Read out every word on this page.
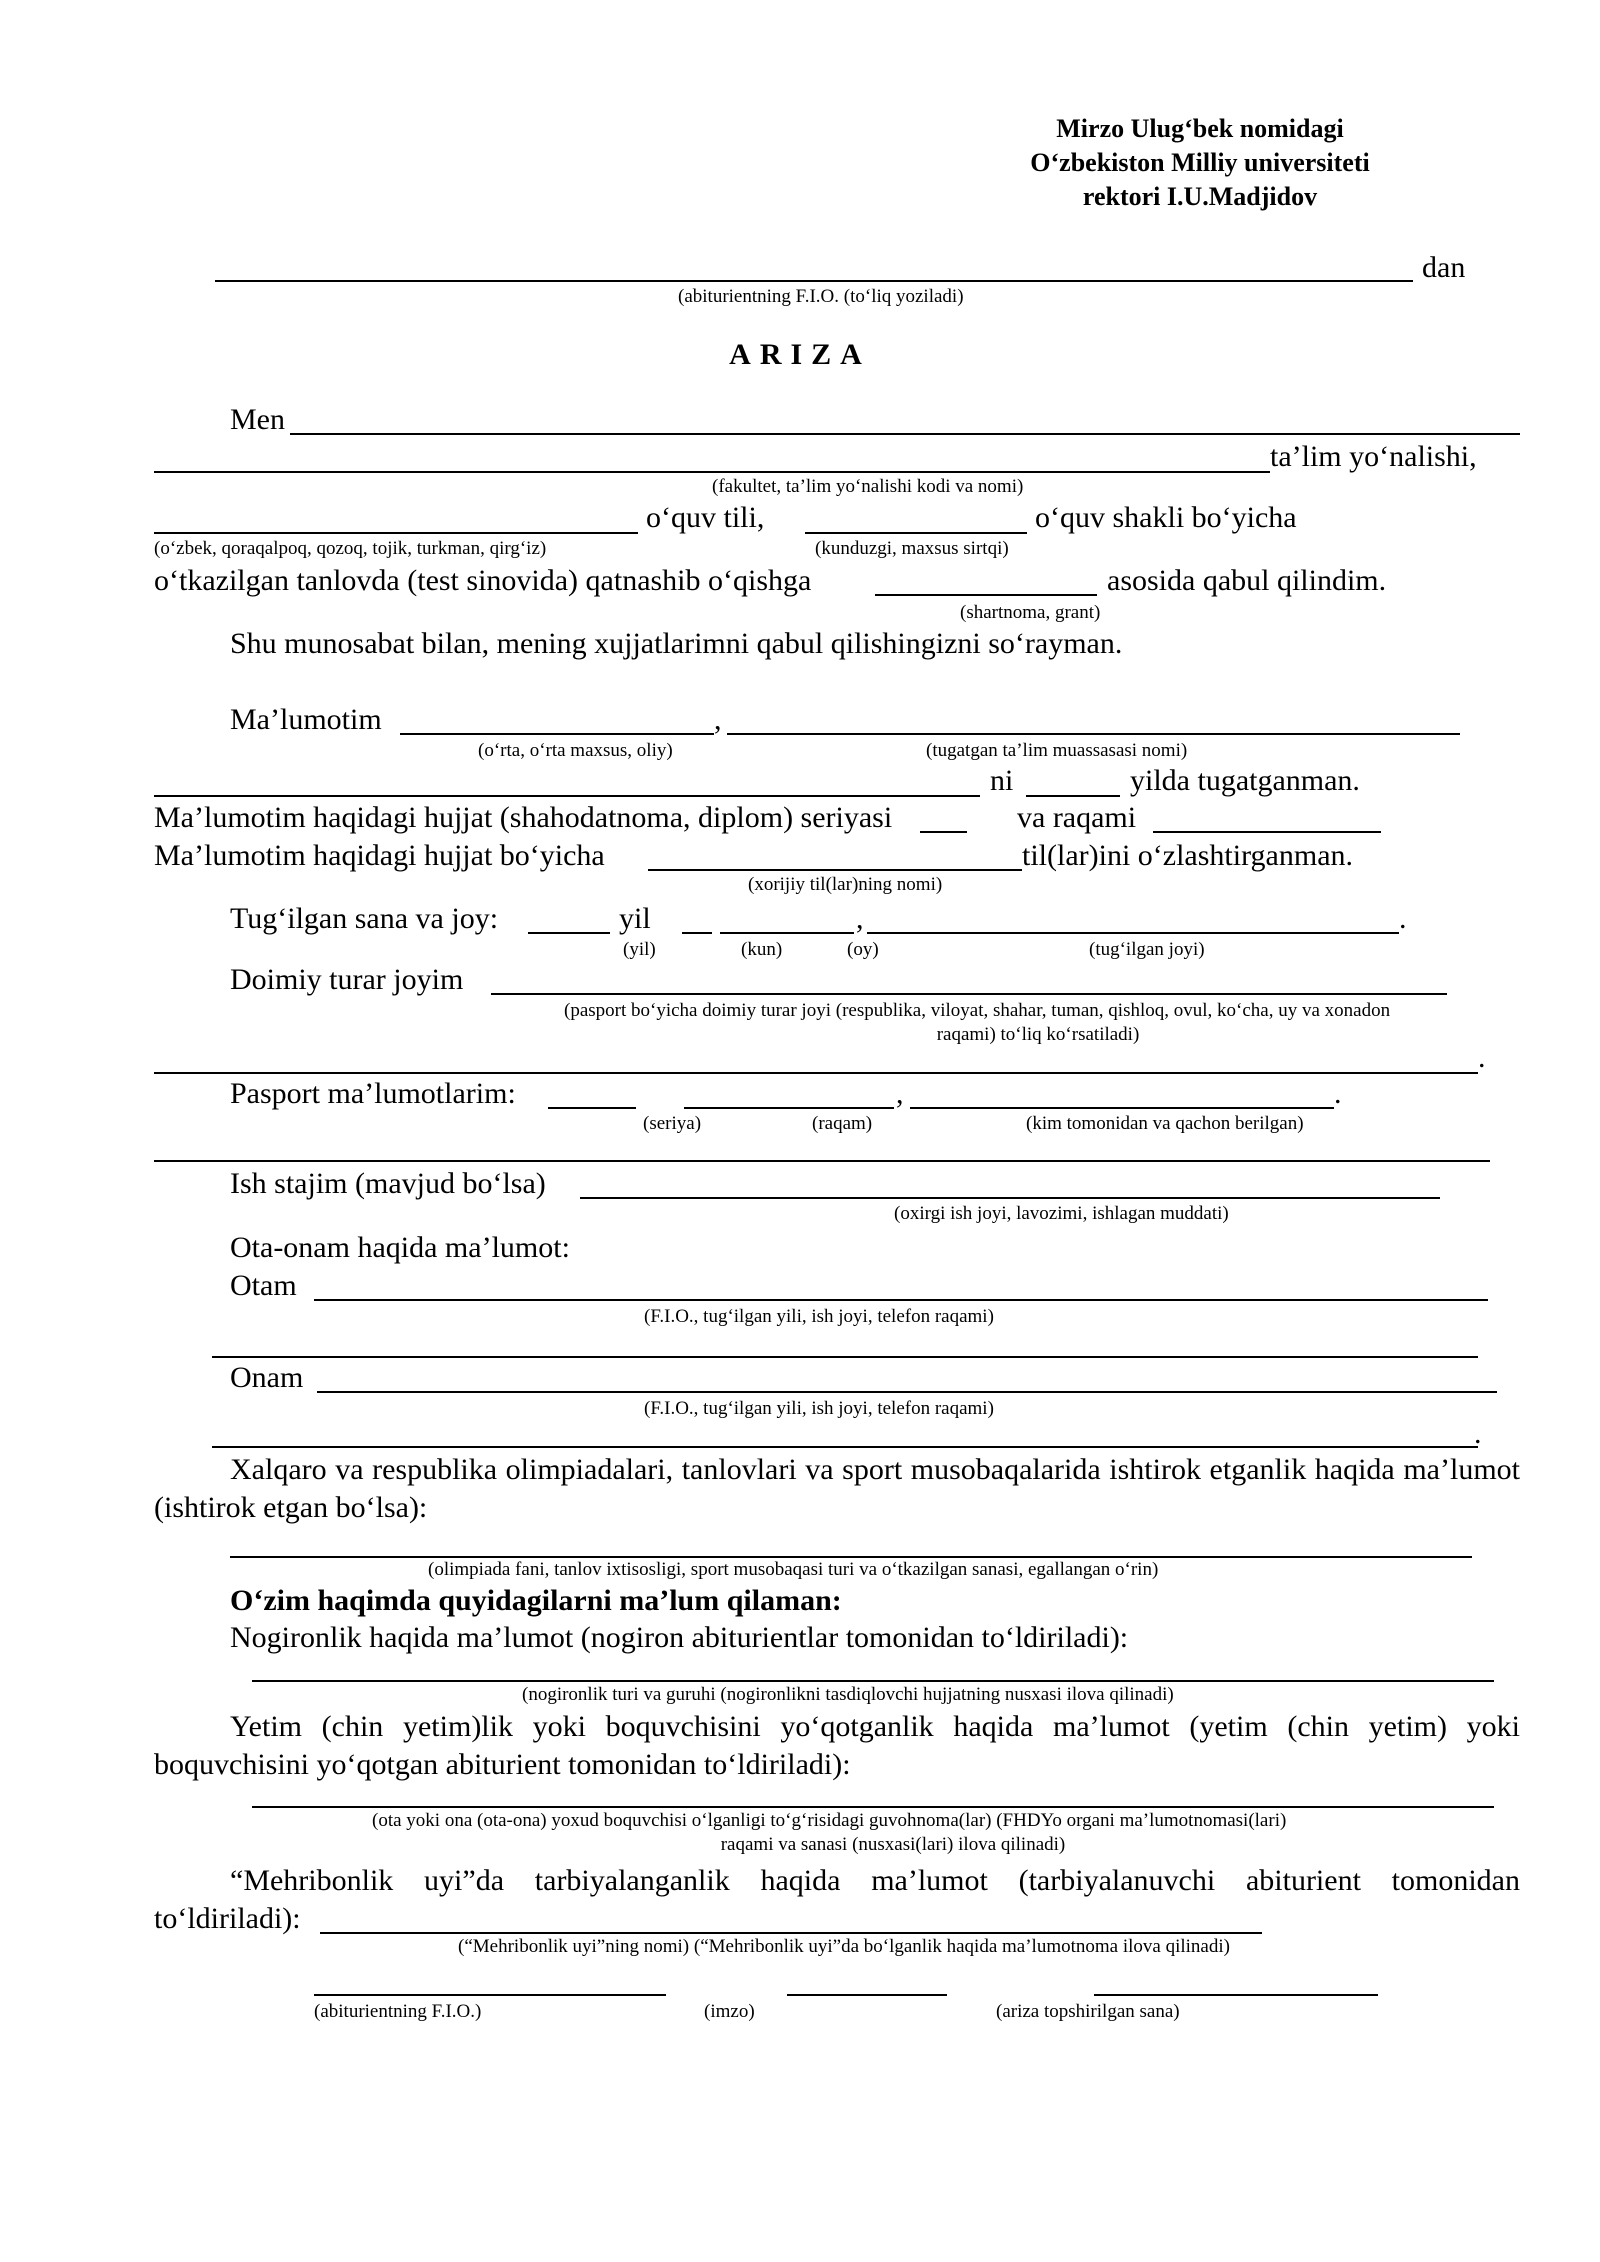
Mirzo Ulug‘bek nomidagi
O‘zbekiston Milliy universiteti
rektori I.U.Madjidov
dan
(abiturientning F.I.O. (to‘liq yoziladi)
ARIZA
Men
ta’lim yo‘nalishi,
(fakultet, ta’lim yo‘nalishi kodi va nomi)
o‘quv tili,	o‘quv shakli bo‘yicha
(o‘zbek, qoraqalpoq, qozoq, tojik, turkman, qirg‘iz)	(kunduzgi, maxsus sirtqi)
o‘tkazilgan tanlovda (test sinovida) qatnashib o‘qishga	asosida qabul qilindim.
(shartnoma, grant)
Shu munosabat bilan, mening xujjatlarimni qabul qilishingizni so‘rayman.
Ma’lumotim	,
(o‘rta, o‘rta maxsus, oliy)	(tugatgan ta’lim muassasasi nomi)
ni	yilda tugatganman.
Ma’lumotim haqidagi hujjat (shahodatnoma, diplom) seriyasi	va raqami
Ma’lumotim haqidagi hujjat bo‘yicha	til(lar)ini o‘zlashtirganman.
(xorijiy til(lar)ning nomi)
Tug‘ilgan sana va joy:	yil	,	.
(yil)	(kun)	(oy)	(tug‘ilgan joyi)
Doimiy turar joyim
(pasport bo‘yicha doimiy turar joyi (respublika, viloyat, shahar, tuman, qishloq, ovul, ko‘cha, uy va xonadon
raqami) to‘liq ko‘rsatiladi)
.
Pasport ma’lumotlarim:	,	.
(seriya)	(raqam)	(kim tomonidan va qachon berilgan)
Ish stajim (mavjud bo‘lsa)
(oxirgi ish joyi, lavozimi, ishlagan muddati)
Ota-onam haqida ma’lumot:
Otam
(F.I.O., tug‘ilgan yili, ish joyi, telefon raqami)
Onam
(F.I.O., tug‘ilgan yili, ish joyi, telefon raqami)
.
Xalqaro va respublika olimpiadalari, tanlovlari va sport musobaqalarida ishtirok etganlik haqida ma’lumot (ishtirok etgan bo‘lsa):
(olimpiada fani, tanlov ixtisosligi, sport musobaqasi turi va o‘tkazilgan sanasi, egallangan o‘rin)
O‘zim haqimda quyidagilarni ma’lum qilaman:
Nogironlik haqida ma’lumot (nogiron abiturientlar tomonidan to‘ldiriladi):
(nogironlik turi va guruhi (nogironlikni tasdiqlovchi hujjatning nusxasi ilova qilinadi)
Yetim (chin yetim)lik yoki boquvchisini yo‘qotganlik haqida ma’lumot (yetim (chin yetim) yoki boquvchisini yo‘qotgan abiturient tomonidan to‘ldiriladi):
(ota yoki ona (ota-ona) yoxud boquvchisi o‘lganligi to‘g‘risidagi guvohnoma(lar) (FHDYo organi ma’lumotnomasi(lari)
raqami va sanasi (nusxasi(lari) ilova qilinadi)
“Mehribonlik uyi”da tarbiyalanganlik haqida ma’lumot (tarbiyalanuvchi abiturient tomonidan
to‘ldiriladi):
(“Mehribonlik uyi”ning nomi) (“Mehribonlik uyi”da bo‘lganlik haqida ma’lumotnoma ilova qilinadi)
(abiturientning F.I.O.)	(imzo)	(ariza topshirilgan sana)
